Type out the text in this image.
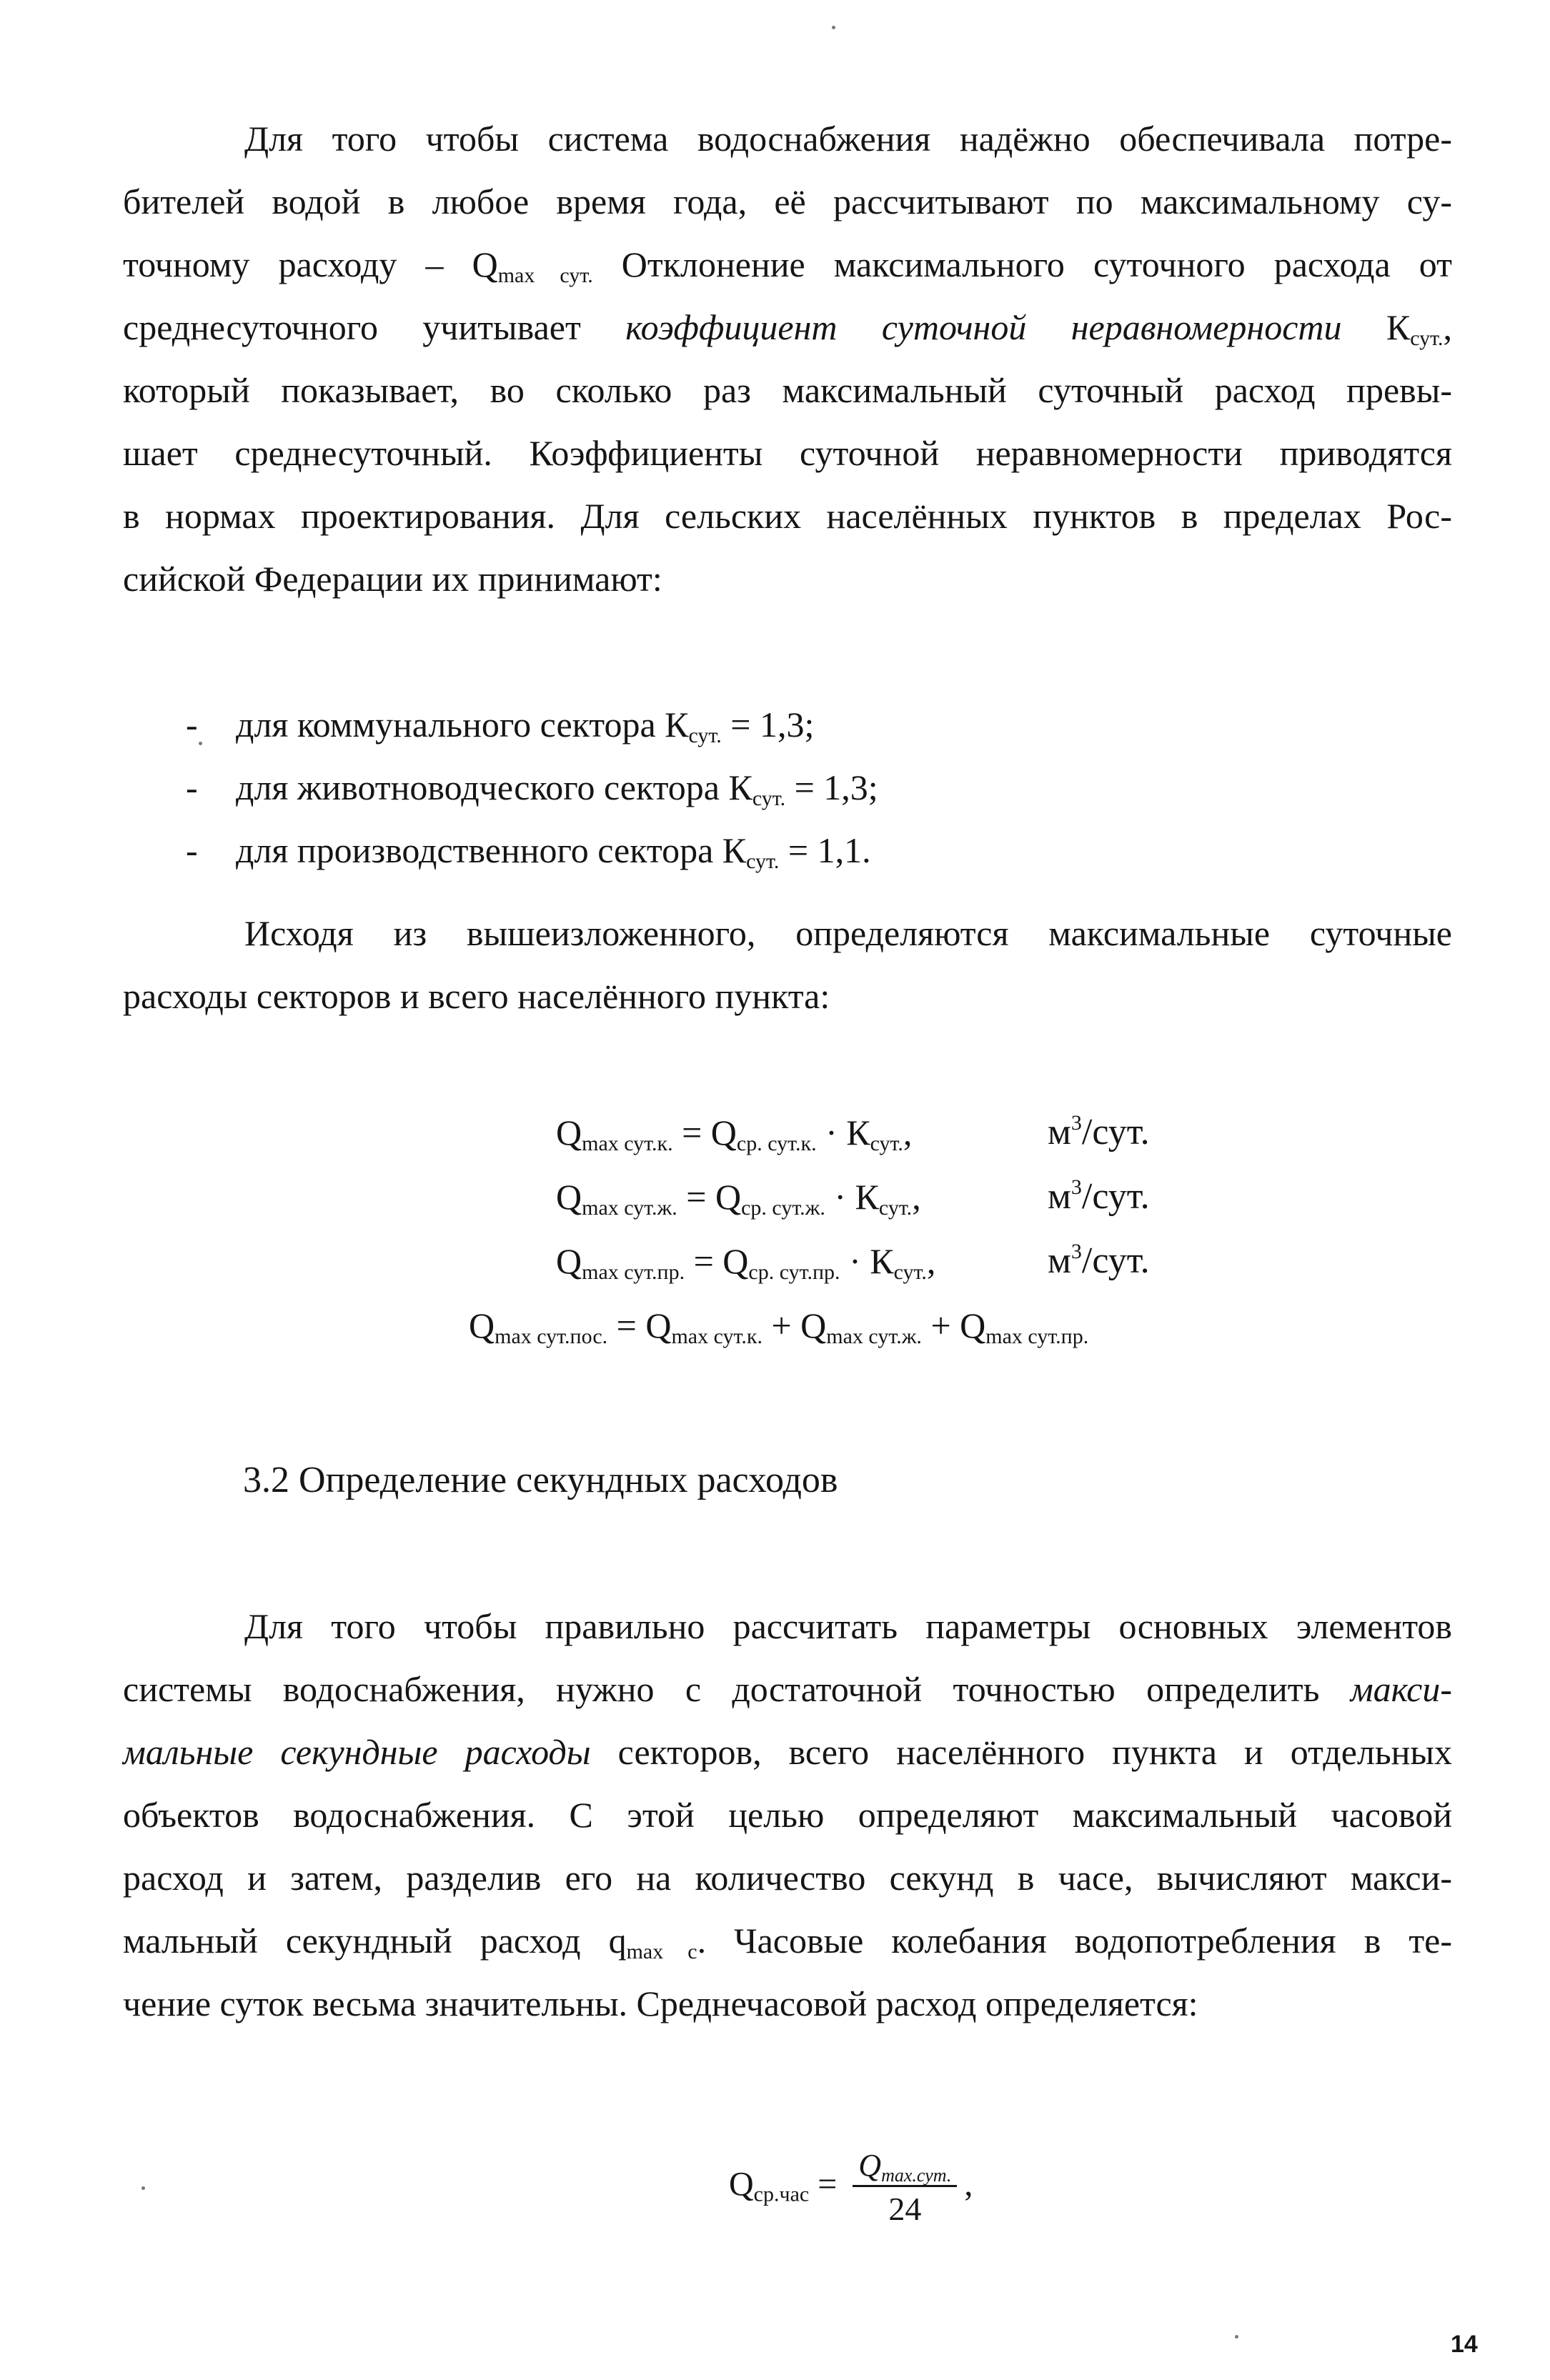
Для того чтобы система водоснабжения надёжно обеспечивала потре-
бителей водой в любое время года, её рассчитывают по максимальному су-
точному расходу – $Q_{max сут.}$ Отклонение максимального суточного расхода от
среднесуточного учитывает коэффициент суточной неравномерности $К_{сут.}$,
который показывает, во сколько раз максимальный суточный расход превы-
шает среднесуточный. Коэффициенты суточной неравномерности приводятся
в нормах проектирования. Для сельских населённых пунктов в пределах Рос-
сийской Федерации их принимают:
- для коммунального сектора $К_{сут.} = 1,3$;
- для животноводческого сектора $К_{сут.} = 1,3$;
- для производственного сектора $К_{сут.} = 1,1$.
Исходя из вышеизложенного, определяются максимальные суточные
расходы секторов и всего населённого пункта:
$Q_{max сут.к.} = Q_{ср. сут.к.} \cdot К_{сут.}$,	$м^3$/сут.
$Q_{max сут.ж.} = Q_{ср. сут.ж.} \cdot К_{сут.}$,	$м^3$/сут.
$Q_{max сут.пр.} = Q_{ср. сут.пр.} \cdot К_{сут.}$,	$м^3$/сут.
$Q_{max сут.пос.} = Q_{max сут.к.} + Q_{max сут.ж.} + Q_{max сут.пр.}$
3.2 Определение секундных расходов
Для того чтобы правильно рассчитать параметры основных элементов
системы водоснабжения, нужно с достаточной точностью определить макси-
мальные секундные расходы секторов, всего населённого пункта и отдельных
объектов водоснабжения. С этой целью определяют максимальный часовой
расход и затем, разделив его на количество секунд в часе, вычисляют макси-
мальный секундный расход $q_{max с}$. Часовые колебания водопотребления в те-
чение суток весьма значительны. Среднечасовой расход определяется:
$Q_{ср.час} = \frac{Q_{max.сут.}}{24}$ ,
14
